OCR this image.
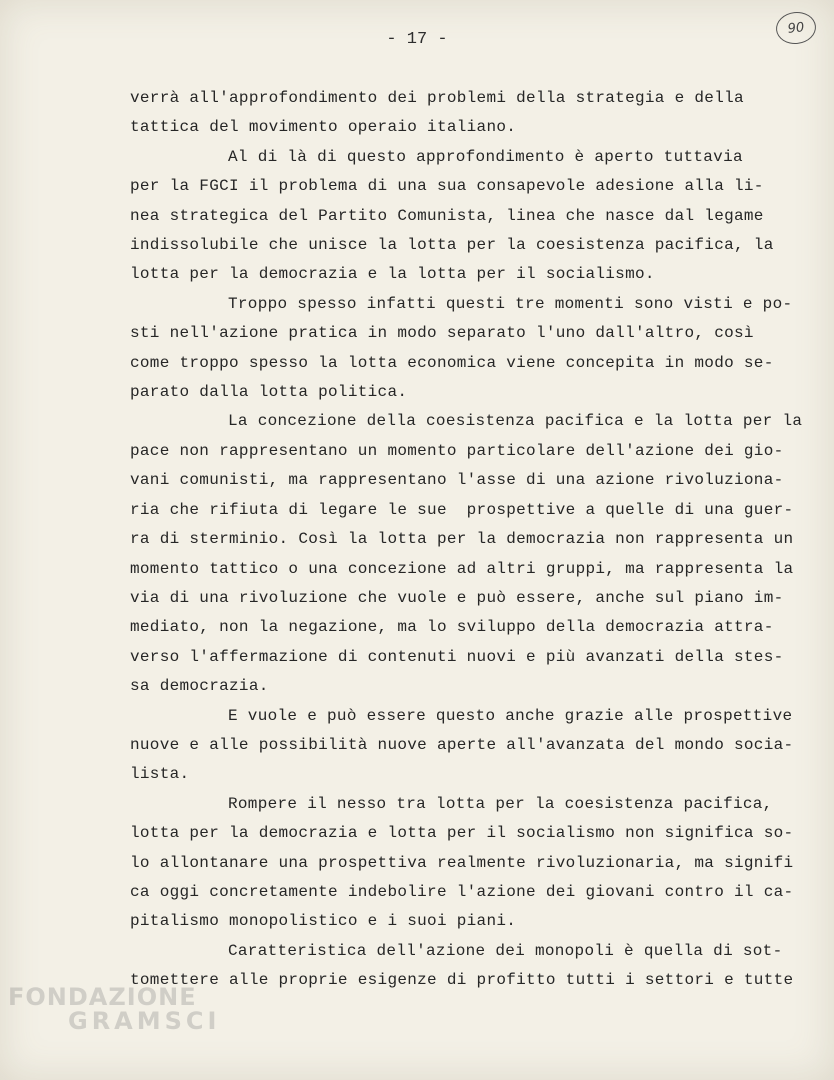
- 17 -
90
verrà all'approfondimento dei problemi della strategia e della
tattica del movimento operaio italiano.
Al di là di questo approfondimento è aperto tuttavia
per la FGCI il problema di una sua consapevole adesione alla li-
nea strategica del Partito Comunista, linea che nasce dal legame
indissolubile che unisce la lotta per la coesistenza pacifica, la
lotta per la democrazia e la lotta per il socialismo.
Troppo spesso infatti questi tre momenti sono visti e po-
sti nell'azione pratica in modo separato l'uno dall'altro, così
come troppo spesso la lotta economica viene concepita in modo se-
parato dalla lotta politica.
La concezione della coesistenza pacifica e la lotta per la
pace non rappresentano un momento particolare dell'azione dei gio-
vani comunisti, ma rappresentano l'asse di una azione rivoluziona-
ria che rifiuta di legare le sue  prospettive a quelle di una guer-
ra di sterminio. Così la lotta per la democrazia non rappresenta un
momento tattico o una concezione ad altri gruppi, ma rappresenta la
via di una rivoluzione che vuole e può essere, anche sul piano im-
mediato, non la negazione, ma lo sviluppo della democrazia attra-
verso l'affermazione di contenuti nuovi e più avanzati della stes-
sa democrazia.
E vuole e può essere questo anche grazie alle prospettive
nuove e alle possibilità nuove aperte all'avanzata del mondo socia-
lista.
Rompere il nesso tra lotta per la coesistenza pacifica,
lotta per la democrazia e lotta per il socialismo non significa so-
lo allontanare una prospettiva realmente rivoluzionaria, ma signifi
ca oggi concretamente indebolire l'azione dei giovani contro il ca-
pitalismo monopolistico e i suoi piani.
Caratteristica dell'azione dei monopoli è quella di sot-
tomettere alle proprie esigenze di profitto tutti i settori e tutte
FONDAZIONE
GRAMSCI
